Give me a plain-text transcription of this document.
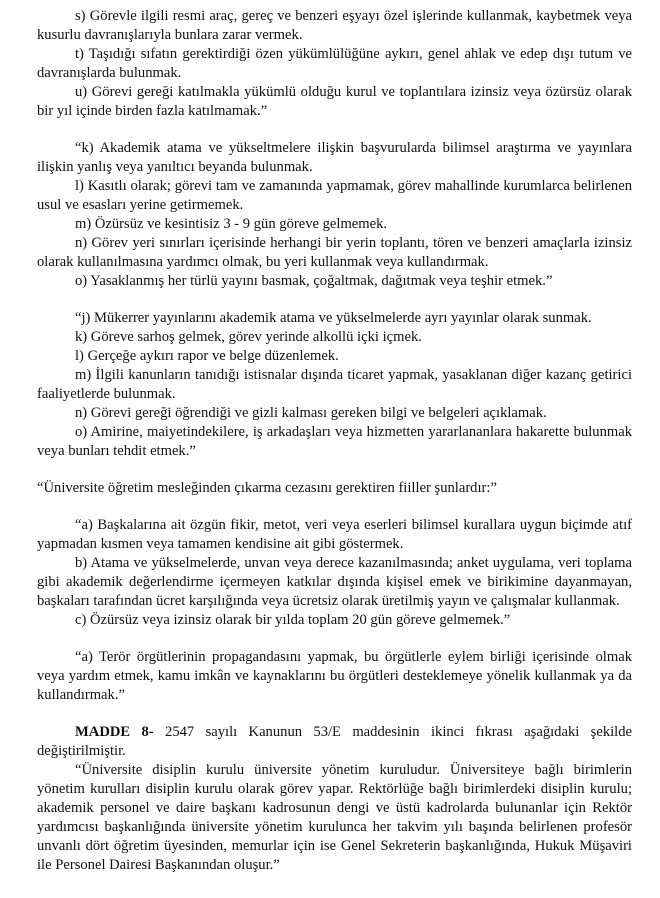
s) Görevle ilgili resmi araç, gereç ve benzeri eşyayı özel işlerinde kullanmak, kaybetmek veya kusurlu davranışlarıyla bunlara zarar vermek.

t) Taşıdığı sıfatın gerektirdiği özen yükümlülüğüne aykırı, genel ahlak ve edep dışı tutum ve davranışlarda bulunmak.

u) Görevi gereği katılmakla yükümlü olduğu kurul ve toplantılara izinsiz veya özürsüz olarak bir yıl içinde birden fazla katılmamak.”

“k) Akademik atama ve yükseltmelere ilişkin başvurularda bilimsel araştırma ve yayınlara ilişkin yanlış veya yanıltıcı beyanda bulunmak.

l) Kasıtlı olarak; görevi tam ve zamanında yapmamak, görev mahallinde kurumlarca belirlenen usul ve esasları yerine getirmemek.

m) Özürsüz ve kesintisiz 3 - 9 gün göreve gelmemek.

n) Görev yeri sınırları içerisinde herhangi bir yerin toplantı, tören ve benzeri amaçlarla izinsiz olarak kullanılmasına yardımcı olmak, bu yeri kullanmak veya kullandırmak.

o) Yasaklanmış her türlü yayını basmak, çoğaltmak, dağıtmak veya teşhir etmek.”

“j) Mükerrer yayınlarını akademik atama ve yükselmelerde ayrı yayınlar olarak sunmak.

k) Göreve sarhoş gelmek, görev yerinde alkollü içki içmek.

l) Gerçeğe aykırı rapor ve belge düzenlemek.

m) İlgili kanunların tanıdığı istisnalar dışında ticaret yapmak, yasaklanan diğer kazanç getirici faaliyetlerde bulunmak.

n) Görevi gereği öğrendiği ve gizli kalması gereken bilgi ve belgeleri açıklamak.

o) Amirine, maiyetindekilere, iş arkadaşları veya hizmetten yararlananlara hakarette bulunmak veya bunları tehdit etmek.”

“Üniversite öğretim mesleğinden çıkarma cezasını gerektiren fiiller şunlardır:”

“a) Başkalarına ait özgün fikir, metot, veri veya eserleri bilimsel kurallara uygun biçimde atıf yapmadan kısmen veya tamamen kendisine ait gibi göstermek.

b) Atama ve yükselmelerde, unvan veya derece kazanılmasında; anket uygulama, veri toplama gibi akademik değerlendirme içermeyen katkılar dışında kişisel emek ve birikimine dayanmayan, başkaları tarafından ücret karşılığında veya ücretsiz olarak üretilmiş yayın ve çalışmalar kullanmak.

c) Özürsüz veya izinsiz olarak bir yılda toplam 20 gün göreve gelmemek.”

“a) Terör örgütlerinin propagandasını yapmak, bu örgütlerle eylem birliği içerisinde olmak veya yardım etmek, kamu imkân ve kaynaklarını bu örgütleri desteklemeye yönelik kullanmak ya da kullandırmak.”

MADDE 8- 2547 sayılı Kanunun 53/E maddesinin ikinci fıkrası aşağıdaki şekilde değiştirilmiştir.

“Üniversite disiplin kurulu üniversite yönetim kuruludur. Üniversiteye bağlı birimlerin yönetim kurulları disiplin kurulu olarak görev yapar. Rektörlüğe bağlı birimlerdeki disiplin kurulu; akademik personel ve daire başkanı kadrosunun dengi ve üstü kadrolarda bulunanlar için Rektör yardımcısı başkanlığında üniversite yönetim kurulunca her takvim yılı başında belirlenen profesör unvanlı dört öğretim üyesinden, memurlar için ise Genel Sekreterin başkanlığında, Hukuk Müşaviri ile Personel Dairesi Başkanından oluşur.”
